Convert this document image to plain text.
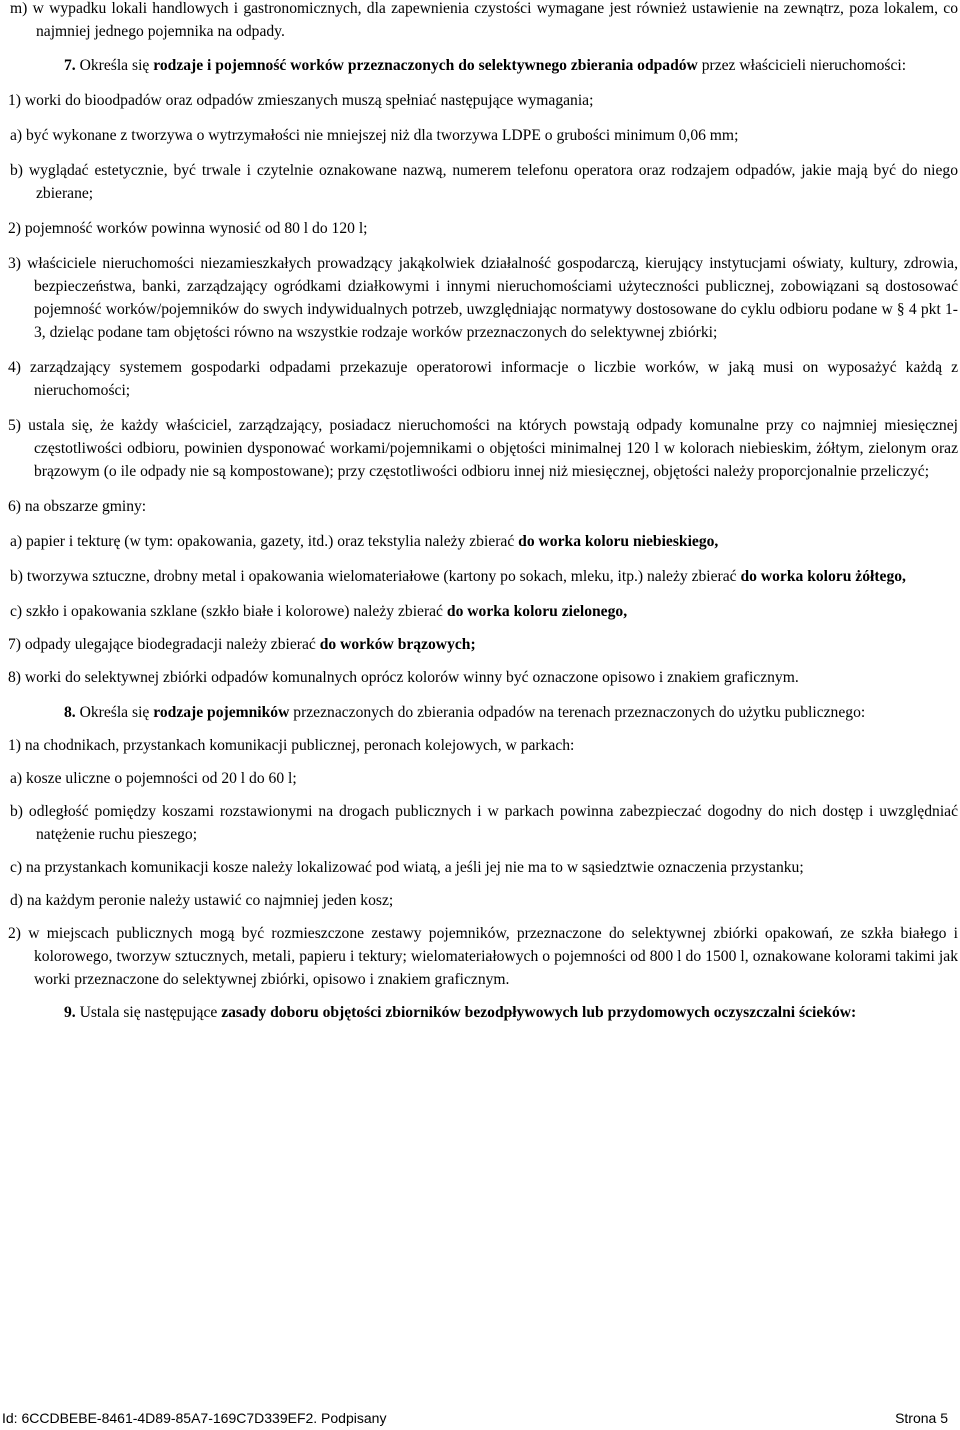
m) w wypadku lokali handlowych i gastronomicznych, dla zapewnienia czystości wymagane jest również ustawienie na zewnątrz, poza lokalem, co najmniej jednego pojemnika na odpady.

7. Określa się rodzaje i pojemność worków przeznaczonych do selektywnego zbierania odpadów przez właścicieli nieruchomości:

1) worki do bioodpadów oraz odpadów zmieszanych muszą spełniać następujące wymagania;

a) być wykonane z tworzywa o wytrzymałości nie mniejszej niż dla tworzywa LDPE o grubości minimum 0,06 mm;

b) wyglądać estetycznie, być trwale i czytelnie oznakowane nazwą, numerem telefonu operatora oraz rodzajem odpadów, jakie mają być do niego zbierane;

2) pojemność worków powinna wynosić od 80 l do 120 l;

3) właściciele nieruchomości niezamieszkałych prowadzący jakąkolwiek działalność gospodarczą, kierujący instytucjami oświaty, kultury, zdrowia, bezpieczeństwa, banki, zarządzający ogródkami działkowymi i innymi nieruchomościami użyteczności publicznej, zobowiązani są dostosować pojemność worków/pojemników do swych indywidualnych potrzeb, uwzględniając normatywy dostosowane do cyklu odbioru podane w § 4 pkt 1-3, dzieląc podane tam objętości równo na wszystkie rodzaje worków przeznaczonych do selektywnej zbiórki;

4) zarządzający systemem gospodarki odpadami przekazuje operatorowi informacje o liczbie worków, w jaką musi on wyposażyć każdą z nieruchomości;

5) ustala się, że każdy właściciel, zarządzający, posiadacz nieruchomości na których powstają odpady komunalne przy co najmniej miesięcznej częstotliwości odbioru, powinien dysponować workami/pojemnikami o objętości minimalnej 120 l w kolorach niebieskim, żółtym, zielonym oraz brązowym (o ile odpady nie są kompostowane); przy częstotliwości odbioru innej niż miesięcznej, objętości należy proporcjonalnie przeliczyć;

6) na obszarze gminy:

a) papier i tekturę (w tym: opakowania, gazety, itd.) oraz tekstylia należy zbierać do worka koloru niebieskiego,

b) tworzywa sztuczne, drobny metal i opakowania wielomateriałowe (kartony po sokach, mleku, itp.) należy zbierać do worka koloru żółtego,

c) szkło i opakowania szklane (szkło białe i kolorowe) należy zbierać do worka koloru zielonego,

7) odpady ulegające biodegradacji należy zbierać do worków brązowych;

8) worki do selektywnej zbiórki odpadów komunalnych oprócz kolorów winny być oznaczone opisowo i znakiem graficznym.

8. Określa się rodzaje pojemników przeznaczonych do zbierania odpadów na terenach przeznaczonych do użytku publicznego:

1) na chodnikach, przystankach komunikacji publicznej, peronach kolejowych, w parkach:

a) kosze uliczne o pojemności od 20 l do 60 l;

b) odległość pomiędzy koszami rozstawionymi na drogach publicznych i w parkach powinna zabezpieczać dogodny do nich dostęp i uwzględniać natężenie ruchu pieszego;

c) na przystankach komunikacji kosze należy lokalizować pod wiatą, a jeśli jej nie ma to w sąsiedztwie oznaczenia przystanku;

d) na każdym peronie należy ustawić co najmniej jeden kosz;

2) w miejscach publicznych mogą być rozmieszczone zestawy pojemników, przeznaczone do selektywnej zbiórki opakowań, ze szkła białego i kolorowego, tworzyw sztucznych, metali, papieru i tektury; wielomateriałowych o pojemności od 800 l do 1500 l, oznakowane kolorami takimi jak worki przeznaczone do selektywnej zbiórki, opisowo i znakiem graficznym.

9. Ustala się następujące zasady doboru objętości zbiorników bezodpływowych lub przydomowych oczyszczalni ścieków:

Id: 6CCDBEBE-8461-4D89-85A7-169C7D339EF2. Podpisany	Strona 5
